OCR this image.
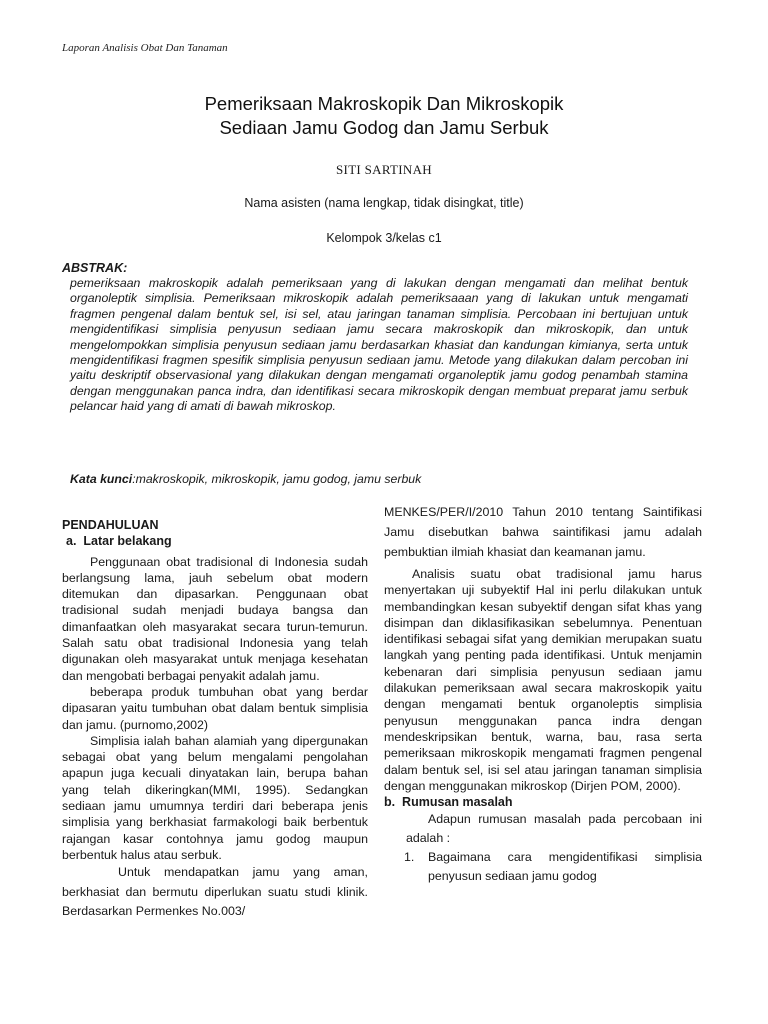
Laporan Analisis Obat Dan Tanaman
Pemeriksaan Makroskopik Dan Mikroskopik
Sediaan Jamu Godog dan Jamu Serbuk
SITI SARTINAH
Nama asisten (nama lengkap, tidak disingkat, title)
Kelompok 3/kelas c1
ABSTRAK:
pemeriksaan makroskopik adalah pemeriksaan yang di lakukan dengan mengamati dan melihat bentuk organoleptik simplisia. Pemeriksaan mikroskopik adalah pemeriksaaan yang di lakukan untuk mengamati fragmen pengenal dalam bentuk sel, isi sel, atau jaringan tanaman simplisia. Percobaan ini bertujuan untuk mengidentifikasi simplisia penyusun sediaan jamu secara makroskopik dan mikroskopik, dan untuk mengelompokkan simplisia penyusun sediaan jamu berdasarkan khasiat dan kandungan kimianya, serta untuk mengidentifikasi fragmen spesifik simplisia penyusun sediaan jamu. Metode yang dilakukan dalam percoban ini yaitu deskriptif observasional yang dilakukan dengan mengamati organoleptik jamu godog penambah stamina dengan menggunakan panca indra, dan identifikasi secara mikroskopik dengan membuat preparat jamu serbuk pelancar haid yang di amati di bawah mikroskop.
Kata kunci:makroskopik, mikroskopik, jamu godog, jamu serbuk
PENDAHULUAN
a.  Latar belakang

Penggunaan obat tradisional di Indonesia sudah berlangsung lama, jauh sebelum obat modern ditemukan dan dipasarkan. Penggunaan obat tradisional sudah menjadi budaya bangsa dan dimanfaatkan oleh masyarakat secara turun-temurun. Salah satu obat tradisional Indonesia yang telah digunakan oleh masyarakat untuk menjaga kesehatan dan mengobati berbagai penyakit adalah jamu.

beberapa produk tumbuhan obat yang berdar dipasaran yaitu tumbuhan obat dalam bentuk simplisia dan jamu. (purnomo,2002)

Simplisia ialah bahan alamiah yang dipergunakan sebagai obat yang belum mengalami pengolahan apapun juga kecuali dinyatakan lain, berupa bahan yang telah dikeringkan(MMI, 1995). Sedangkan sediaan jamu umumnya terdiri dari beberapa jenis simplisia yang berkhasiat farmakologi baik berbentuk rajangan kasar contohnya jamu godog maupun berbentuk halus atau serbuk.

Untuk mendapatkan jamu yang aman, berkhasiat dan bermutu diperlukan suatu studi klinik. Berdasarkan Permenkes No.003/

MENKES/PER/I/2010 Tahun 2010 tentang Saintifikasi Jamu disebutkan bahwa saintifikasi jamu adalah pembuktian ilmiah khasiat dan keamanan jamu.

Analisis suatu obat tradisional jamu harus menyertakan uji subyektif Hal ini perlu dilakukan untuk membandingkan kesan subyektif dengan sifat khas yang disimpan dan diklasifikasikan sebelumnya. Penentuan identifikasi sebagai sifat yang demikian merupakan suatu langkah yang penting pada identifikasi. Untuk menjamin kebenaran dari simplisia penyusun sediaan jamu dilakukan pemeriksaan awal secara makroskopik yaitu dengan mengamati bentuk organoleptis simplisia penyusun menggunakan panca indra dengan mendeskripsikan bentuk, warna, bau, rasa serta pemeriksaan mikroskopik mengamati fragmen pengenal dalam bentuk sel, isi sel atau jaringan tanaman simplisia dengan menggunakan mikroskop (Dirjen POM, 2000).

b.  Rumusan masalah

Adapun rumusan masalah pada percobaan ini adalah :

1.	Bagaimana cara mengidentifikasi simplisia penyusun sediaan jamu godog
